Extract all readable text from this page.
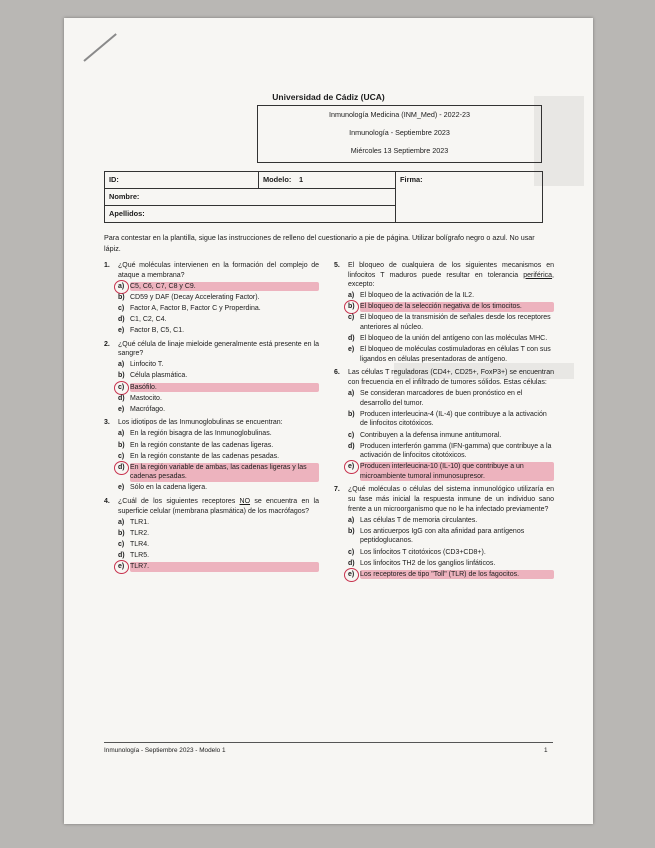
Universidad de Cádiz (UCA)
Inmunología Medicina (INM_Med) - 2022-23
Inmunología - Septiembre 2023
Miércoles 13 Septiembre 2023
ID:	Modelo: 1
Nombre:
Apellidos:
Firma:
Para contestar en la plantilla, sigue las instrucciones de relleno del cuestionario a pie de página. Utilizar bolígrafo negro o azul. No usar lápiz.
1.	¿Qué moléculas intervienen en la formación del complejo de ataque a membrana?
a) C5, C6, C7, C8 y C9.
b) CD59 y DAF (Decay Accelerating Factor).
c) Factor A, Factor B, Factor C y Properdina.
d) C1, C2, C4.
e) Factor B, C5, C1.
2.	¿Qué célula de linaje mieloide generalmente está presente en la sangre?
a) Linfocito T.
b) Célula plasmática.
c) Basófilo.
d) Mastocito.
e) Macrófago.
3.	Los idiotipos de las Inmunoglobulinas se encuentran:
a) En la región bisagra de las Inmunoglobulinas.
b) En la región constante de las cadenas ligeras.
c) En la región constante de las cadenas pesadas.
d) En la región variable de ambas, las cadenas ligeras y las cadenas pesadas.
e) Sólo en la cadena ligera.
4.	¿Cuál de los siguientes receptores NO se encuentra en la superficie celular (membrana plasmática) de los macrófagos?
a) TLR1.
b) TLR2.
c) TLR4.
d) TLR5.
e) TLR7.
5.	El bloqueo de cualquiera de los siguientes mecanismos en linfocitos T maduros puede resultar en tolerancia periférica, excepto:
a) El bloqueo de la activación de la IL2.
b) El bloqueo de la selección negativa de los timocitos.
c) El bloqueo de la transmisión de señales desde los receptores anteriores al núcleo.
d) El bloqueo de la unión del antígeno con las moléculas MHC.
e) El bloqueo de moléculas costimuladoras en células T con sus ligandos en células presentadoras de antígeno.
6.	Las células T reguladoras (CD4+, CD25+, FoxP3+) se encuentran con frecuencia en el infiltrado de tumores sólidos. Estas células:
a) Se consideran marcadores de buen pronóstico en el desarrollo del tumor.
b) Producen interleucina-4 (IL-4) que contribuye a la activación de linfocitos citotóxicos.
c) Contribuyen a la defensa inmune antitumoral.
d) Producen interferón gamma (IFN-gamma) que contribuye a la activación de linfocitos citotóxicos.
e) Producen interleucina-10 (IL-10) que contribuye a un microambiente tumoral inmunosupresor.
7.	¿Qué moléculas o células del sistema inmunológico utilizaría en su fase más inicial la respuesta inmune de un individuo sano frente a un microorganismo que no le ha infectado previamente?
a) Las células T de memoria circulantes.
b) Los anticuerpos IgG con alta afinidad para antígenos peptidoglucanos.
c) Los linfocitos T citotóxicos (CD3+CD8+).
d) Los linfocitos TH2 de los ganglios linfáticos.
e) Los receptores de tipo "Toll" (TLR) de los fagocitos.
Inmunología - Septiembre 2023 - Modelo 1	1
